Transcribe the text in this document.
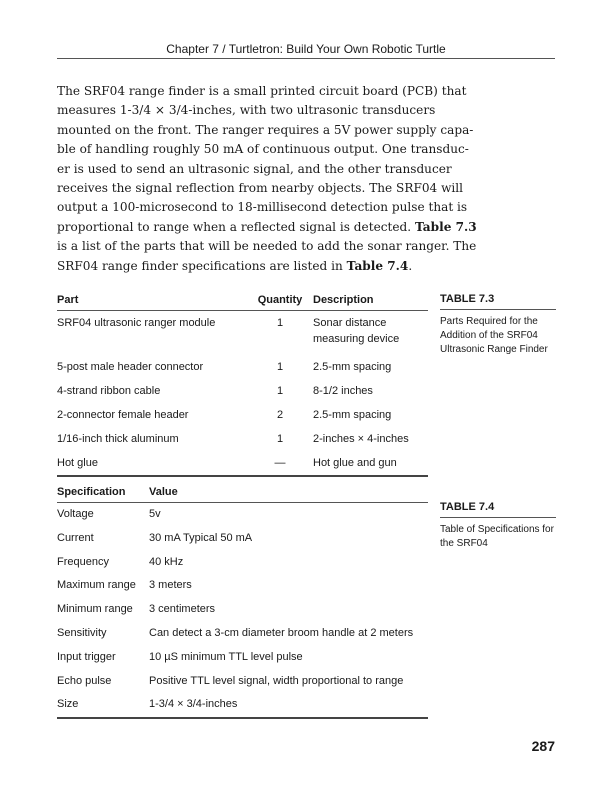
Chapter 7 / Turtletron: Build Your Own Robotic Turtle
The SRF04 range finder is a small printed circuit board (PCB) that
measures 1-3/4 × 3/4-inches, with two ultrasonic transducers
mounted on the front. The ranger requires a 5V power supply capa-
ble of handling roughly 50 mA of continuous output. One transduc-
er is used to send an ultrasonic signal, and the other transducer
receives the signal reflection from nearby objects. The SRF04 will
output a 100-microsecond to 18-millisecond detection pulse that is
proportional to range when a reflected signal is detected. Table 7.3
is a list of the parts that will be needed to add the sonar ranger. The
SRF04 range finder specifications are listed in Table 7.4.
Part	Quantity	Description
SRF04 ultrasonic ranger module	1	Sonar distance measuring device
5-post male header connector	1	2.5-mm spacing
4-strand ribbon cable	1	8-1/2 inches
2-connector female header	2	2.5-mm spacing
1/16-inch thick aluminum	1	2-inches × 4-inches
Hot glue	—	Hot glue and gun
TABLE 7.3
Parts Required for the Addition of the SRF04 Ultrasonic Range Finder
Specification	Value
Voltage	5v
Current	30 mA Typical 50 mA
Frequency	40 kHz
Maximum range	3 meters
Minimum range	3 centimeters
Sensitivity	Can detect a 3-cm diameter broom handle at 2 meters
Input trigger	10 µS minimum TTL level pulse
Echo pulse	Positive TTL level signal, width proportional to range
Size	1-3/4 × 3/4-inches
TABLE 7.4
Table of Specifications for the SRF04
287
